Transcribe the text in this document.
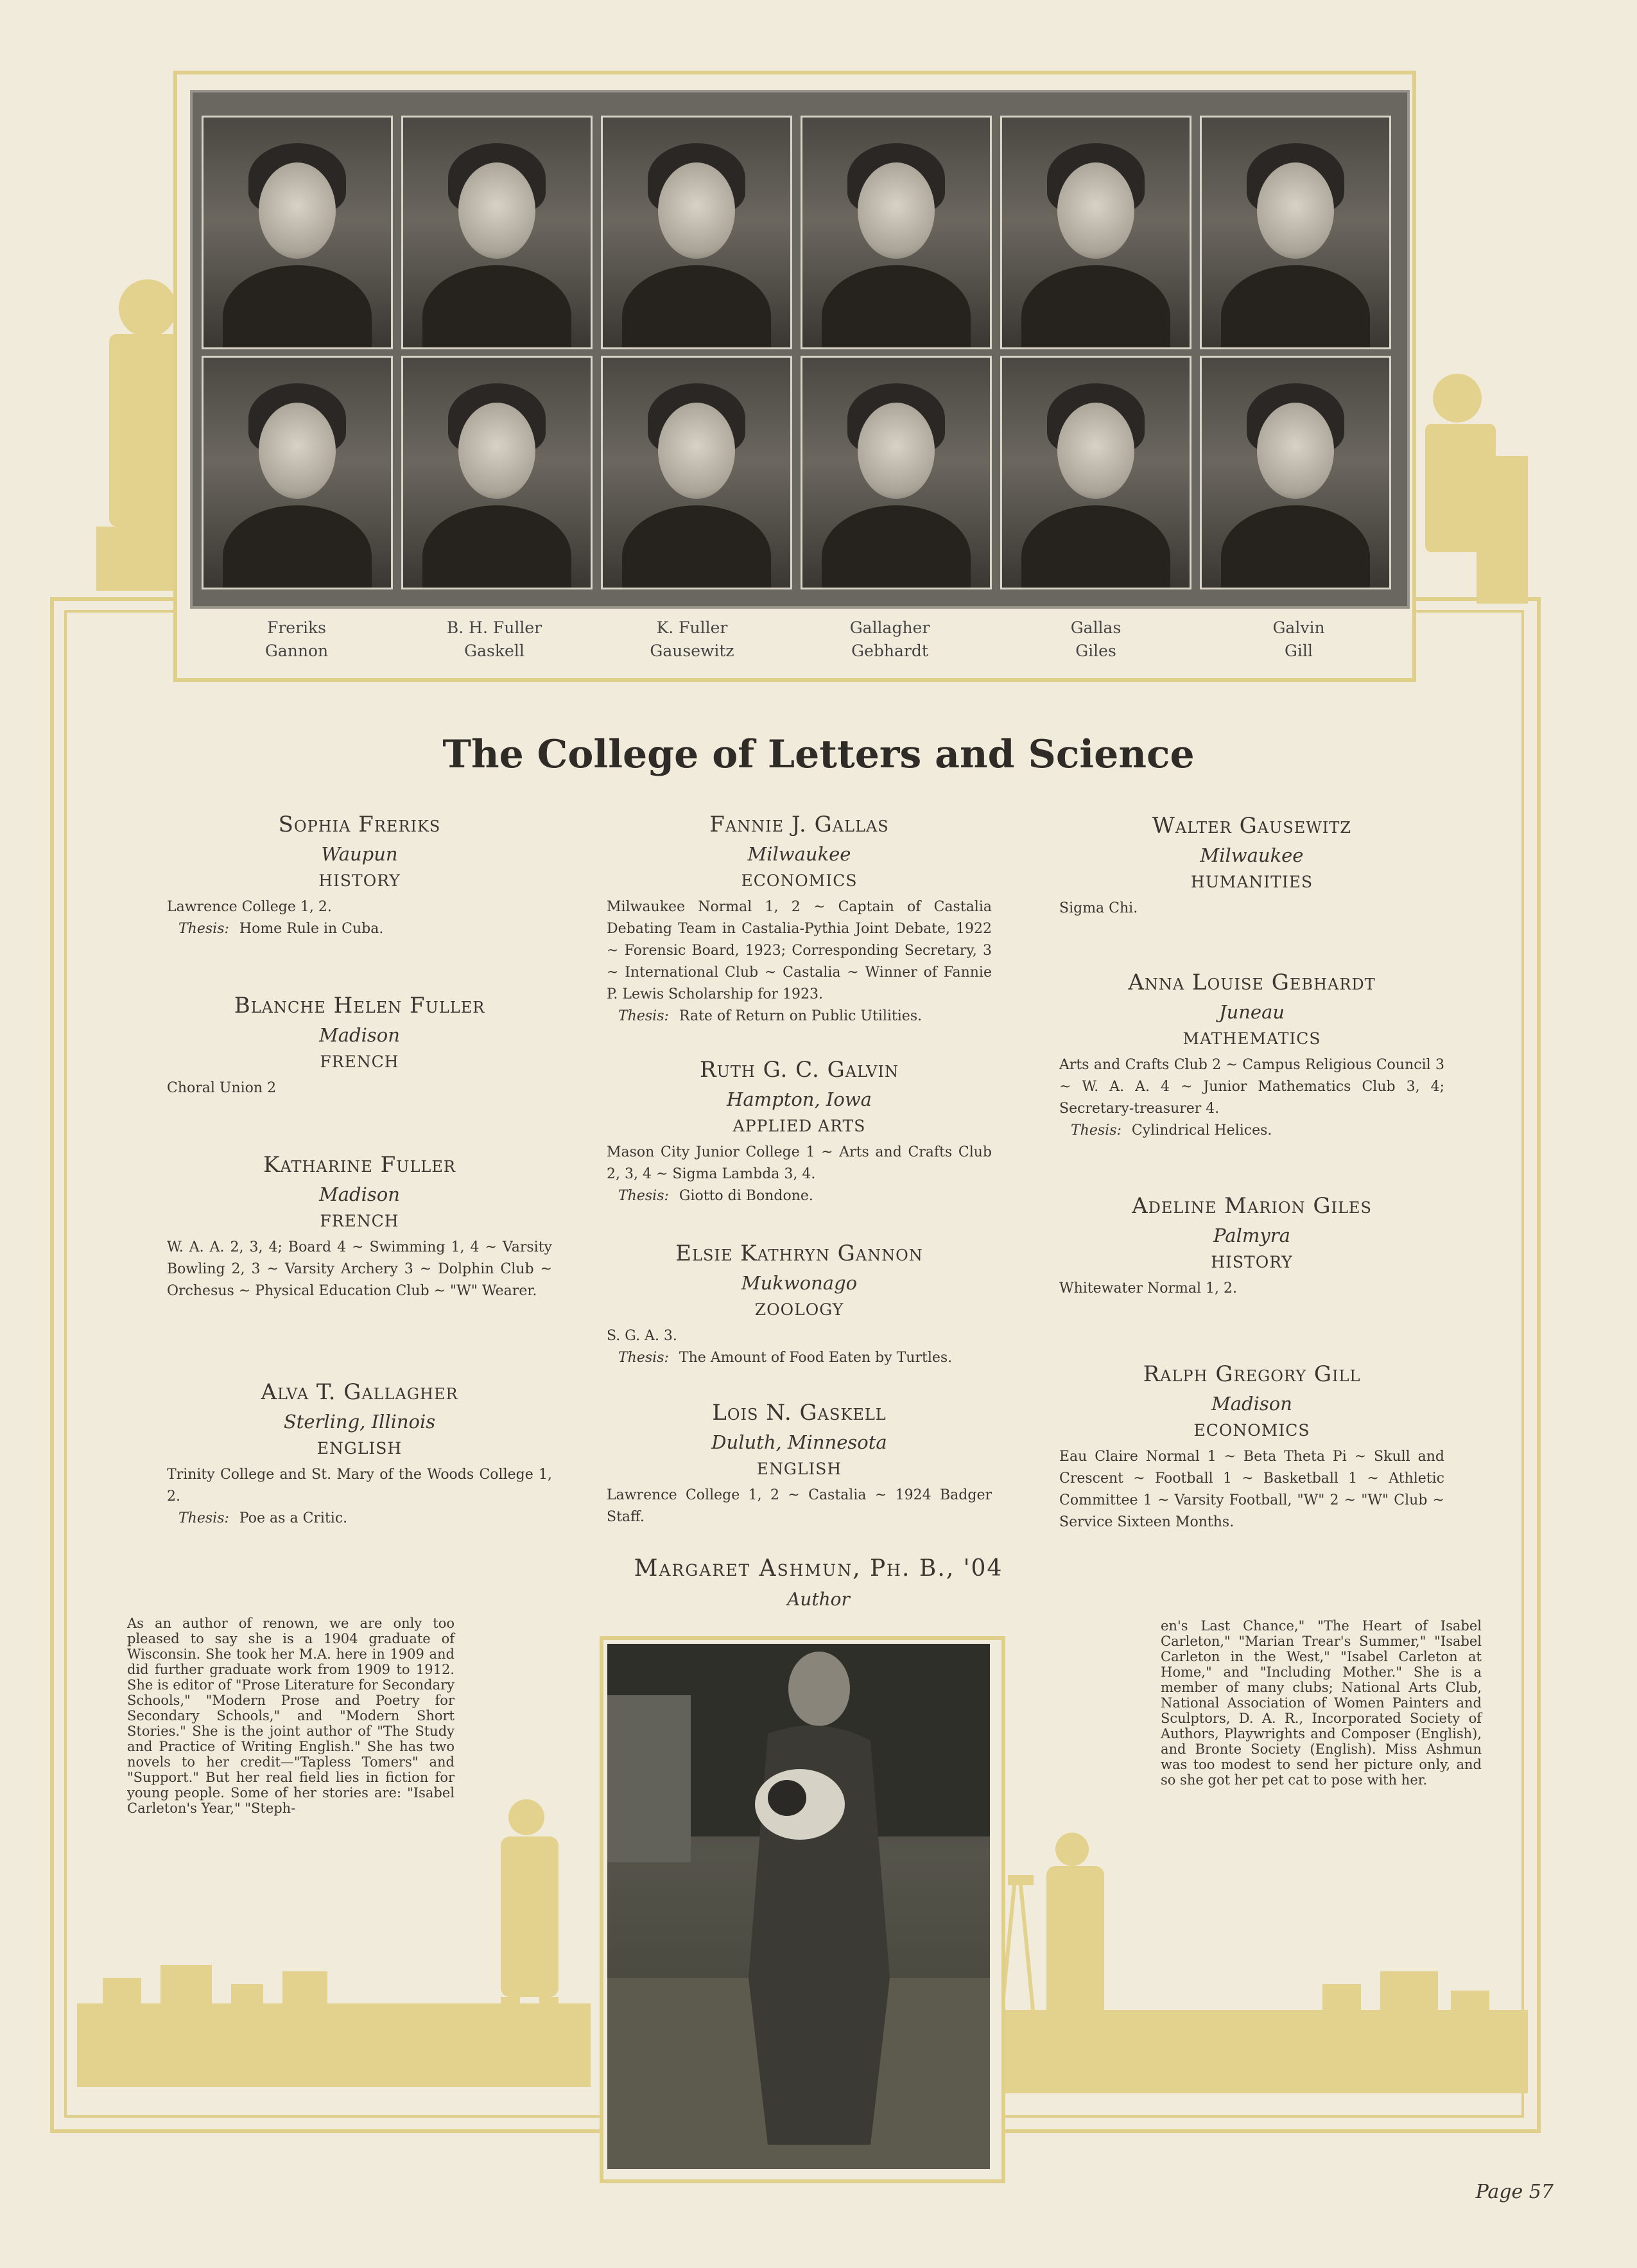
Freriks
Gannon
B. H. Fuller
Gaskell
K. Fuller
Gausewitz
Gallagher
Gebhardt
Gallas
Giles
Galvin
Gill
The College of Letters and Science
Sophia Freriks
Waupun
HISTORY
Lawrence College 1, 2.
Thesis: Home Rule in Cuba.
Blanche Helen Fuller
Madison
FRENCH
Choral Union 2
Katharine Fuller
Madison
FRENCH
W. A. A. 2, 3, 4; Board 4 ~ Swimming 1, 4 ~ Varsity Bowling 2, 3 ~ Varsity Archery 3 ~ Dolphin Club ~ Orchesus ~ Physical Education Club ~ "W" Wearer.
Alva T. Gallagher
Sterling, Illinois
ENGLISH
Trinity College and St. Mary of the Woods College 1, 2.
Thesis: Poe as a Critic.
Fannie J. Gallas
Milwaukee
ECONOMICS
Milwaukee Normal 1, 2 ~ Captain of Castalia Debating Team in Castalia-Pythia Joint Debate, 1922 ~ Forensic Board, 1923; Corresponding Secretary, 3 ~ International Club ~ Castalia ~ Winner of Fannie P. Lewis Scholarship for 1923.
Thesis: Rate of Return on Public Utilities.
Ruth G. C. Galvin
Hampton, Iowa
APPLIED ARTS
Mason City Junior College 1 ~ Arts and Crafts Club 2, 3, 4 ~ Sigma Lambda 3, 4.
Thesis: Giotto di Bondone.
Elsie Kathryn Gannon
Mukwonago
ZOOLOGY
S. G. A. 3.
Thesis: The Amount of Food Eaten by Turtles.
Lois N. Gaskell
Duluth, Minnesota
ENGLISH
Lawrence College 1, 2 ~ Castalia ~ 1924 Badger Staff.
Walter Gausewitz
Milwaukee
HUMANITIES
Sigma Chi.
Anna Louise Gebhardt
Juneau
MATHEMATICS
Arts and Crafts Club 2 ~ Campus Religious Council 3 ~ W. A. A. 4 ~ Junior Mathematics Club 3, 4; Secretary-treasurer 4.
Thesis: Cylindrical Helices.
Adeline Marion Giles
Palmyra
HISTORY
Whitewater Normal 1, 2.
Ralph Gregory Gill
Madison
ECONOMICS
Eau Claire Normal 1 ~ Beta Theta Pi ~ Skull and Crescent ~ Football 1 ~ Basketball 1 ~ Athletic Committee 1 ~ Varsity Football, "W" 2 ~ "W" Club ~ Service Sixteen Months.
Margaret Ashmun, Ph. B., '04
Author
As an author of renown, we are only too pleased to say she is a 1904 graduate of Wisconsin. She took her M.A. here in 1909 and did further graduate work from 1909 to 1912. She is editor of "Prose Literature for Secondary Schools," "Modern Prose and Poetry for Secondary Schools," and "Modern Short Stories." She is the joint author of "The Study and Practice of Writing English." She has two novels to her credit—"Tapless Tomers" and "Support." But her real field lies in fiction for young people. Some of her stories are: "Isabel Carleton's Year," "Steph-
en's Last Chance," "The Heart of Isabel Carleton," "Marian Trear's Summer," "Isabel Carleton in the West," "Isabel Carleton at Home," and "Including Mother." She is a member of many clubs; National Arts Club, National Association of Women Painters and Sculptors, D. A. R., Incorporated Society of Authors, Playwrights and Composer (English), and Bronte Society (English). Miss Ashmun was too modest to send her picture only, and so she got her pet cat to pose with her.
Page 57
